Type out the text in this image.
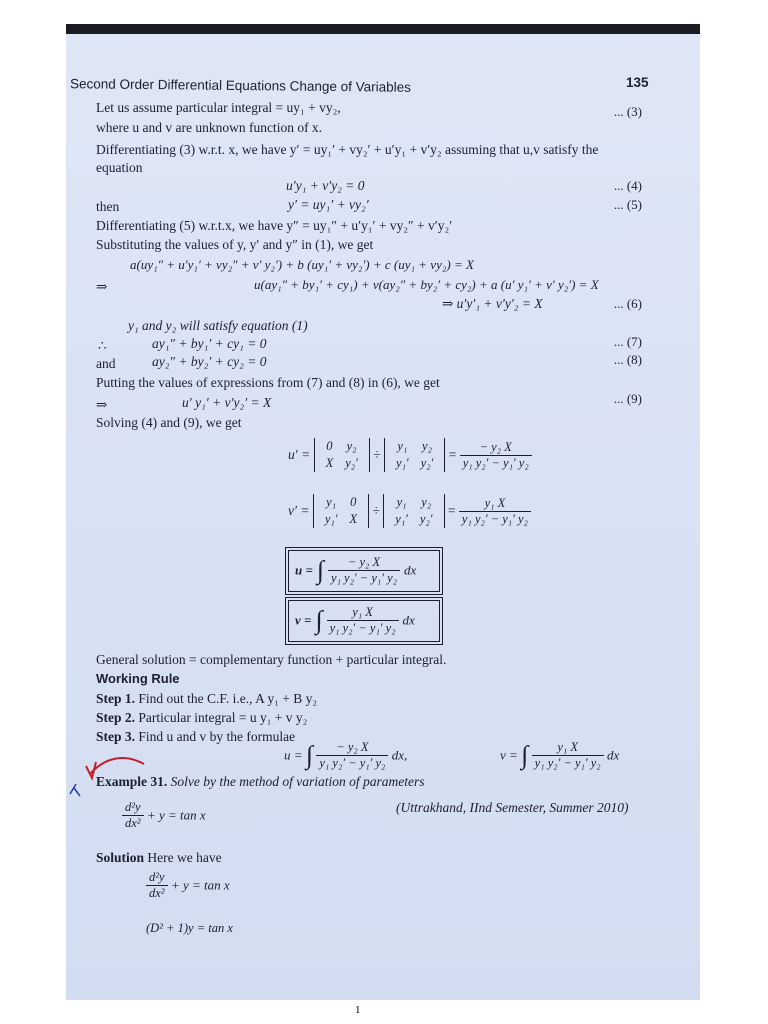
Second Order Differential Equations Change of Variables	135
Let us assume particular integral = uy₁ + vy₂,	... (3)
where u and v are unknown function of x.
Differentiating (3) w.r.t. x, we have y′ = uy₁′ + vy₂′ + u′y₁ + v′y₂ assuming that u,v satisfy the
equation
u′y₁ + v′y₂ = 0	... (4)
then	y′ = uy₁′ + vy₂′	... (5)
Differentiating (5) w.r.t.x, we have y″ = uy₁″ + u′y₁′ + vy₂″ + v′y₂′
Substituting the values of y, y′ and y″ in (1), we get
a(uy₁″ + u′y₁′ + vy₂″ + v′ y₂′) + b (uy₁′ + vy₂′) + c (uy₁ + vy₂) = X
⇒	u(ay₁″ + by₁′ + cy₁) + v(ay₂″ + by₂′ + cy₂) + a (u′ y₁′ + v′ y₂′) = X
⇒ u′y′₁ + v′y′₂ = X	... (6)
y₁ and y₂ will satisfy equation (1)
∴	ay₁″ + by₁′ + cy₁ = 0	... (7)
and	ay₂″ + by₂′ + cy₂ = 0	... (8)
Putting the values of expressions from (7) and (8) in (6), we get
⇒	u′ y₁′ + v′y₂′ = X	... (9)
Solving (4) and (9), we get
u′ =
0	y₂
X	y₂′
÷
y₁	y₂
y₁′	y₂′
= $\frac{\text{− y₂ X}}{\text{y₁ y₂′ − y₁′ y₂}}$
v′ =
y₁	0
y₁′	X
÷
y₁	y₂
y₁′	y₂′
= $\frac{\text{y₁ X}}{\text{y₁ y₂′ − y₁′ y₂}}$
u = ∫ $\frac{\text{− y₂ X}}{\text{y₁ y₂′ − y₁′ y₂}}$ dx
v = ∫ $\frac{\text{y₁ X}}{\text{y₁ y₂′ − y₁′ y₂}}$ dx
General solution = complementary function + particular integral.
Working Rule
Step 1. Find out the C.F. i.e., A y₁ + B y₂
Step 2. Particular integral = u y₁ + v y₂
Step 3. Find u and v by the formulae
u = ∫ $\frac{\text{− y₂ X}}{\text{y₁ y₂′ − y₁′ y₂}}$ dx,	v = ∫ $\frac{\text{y₁ X}}{\text{y₁ y₂′ − y₁′ y₂}}$ dx
Example 31. Solve by the method of variation of parameters
$\frac{\text{d²y}}{\text{dx²}} + y = \tan x$	(Uttrakhand, IInd Semester, Summer 2010)
Solution Here we have
$\frac{\text{d²y}}{\text{dx²}} + y = \tan x$
(D² + 1)y = tan x
1
